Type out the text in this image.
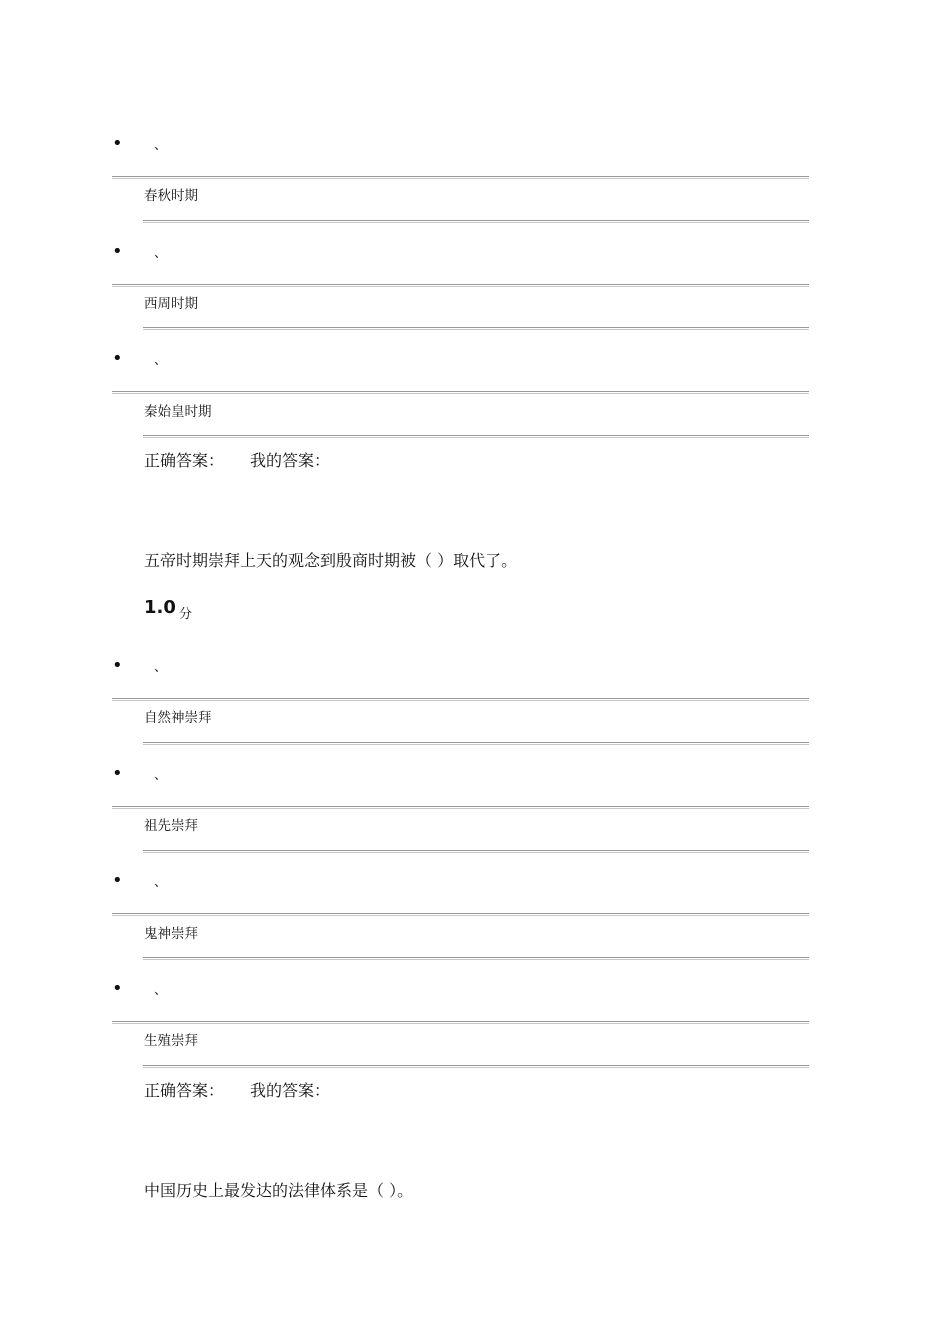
• 、
春秋时期
• 、
西周时期
• 、
秦始皇时期
正确答案： 我的答案：
五帝时期崇拜上天的观念到殷商时期被（ ）取代了。
1.0 $_分$
• 、
自然神崇拜
• 、
祖先崇拜
• 、
鬼神崇拜
• 、
生殖崇拜
正确答案： 我的答案：
中国历史上最发达的法律体系是（ ）。
